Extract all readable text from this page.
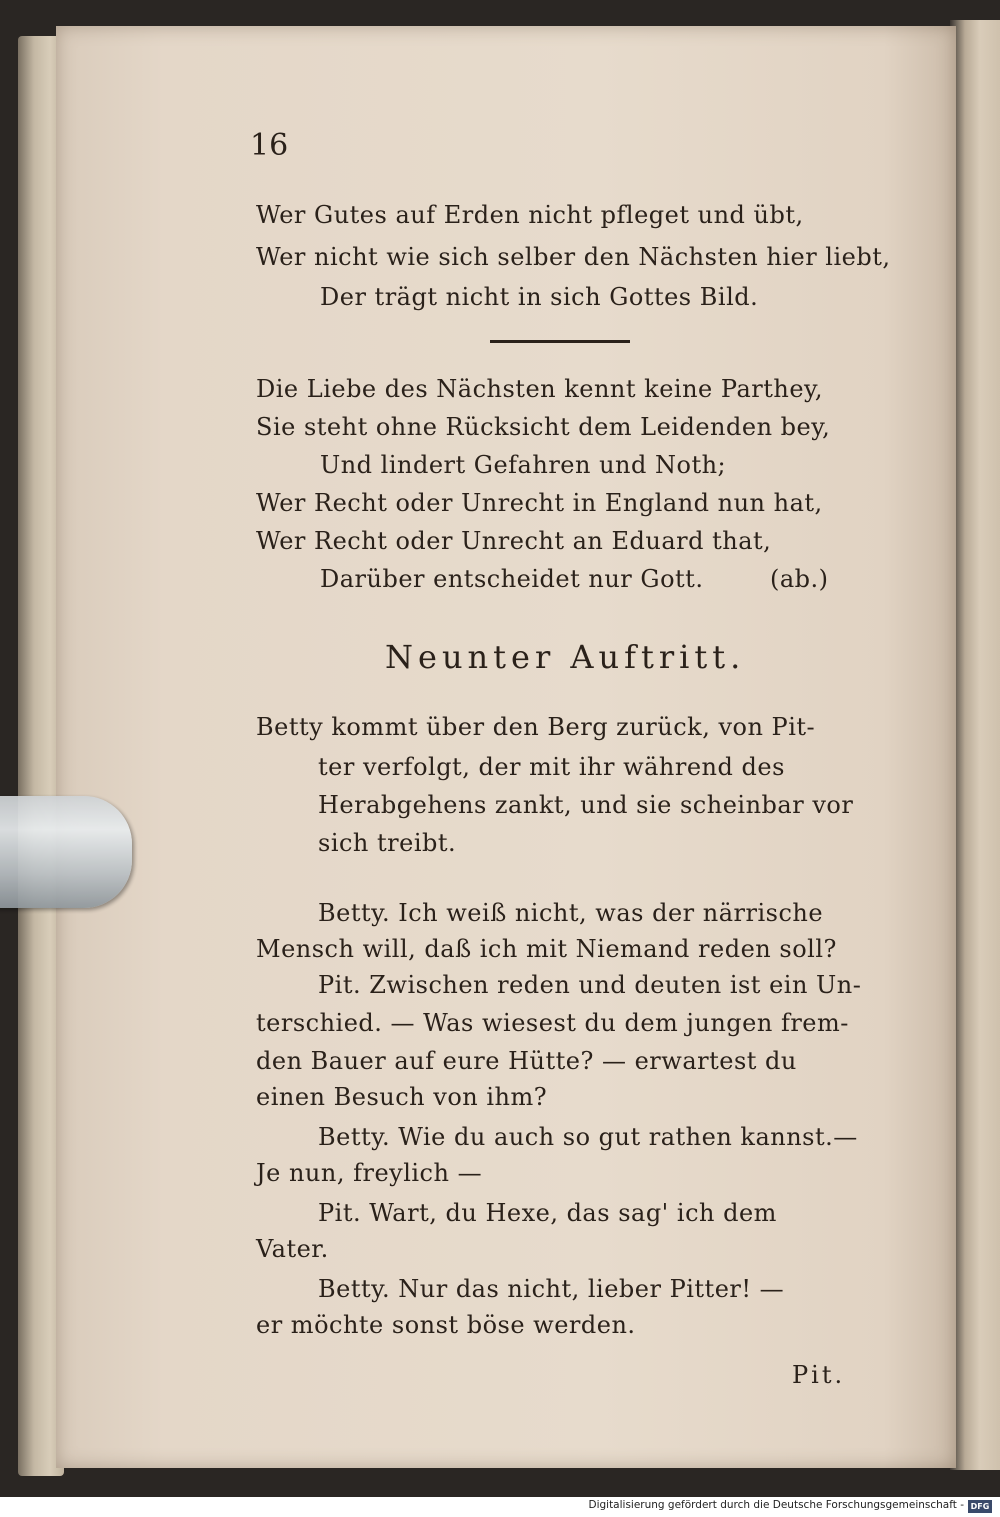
16
Wer Gutes auf Erden nicht pfleget und übt,
Wer nicht wie sich selber den Nächsten hier liebt,
Der trägt nicht in sich Gottes Bild.
Die Liebe des Nächsten kennt keine Parthey,
Sie steht ohne Rücksicht dem Leidenden bey,
Und lindert Gefahren und Noth;
Wer Recht oder Unrecht in England nun hat,
Wer Recht oder Unrecht an Eduard that,
Darüber entscheidet nur Gott.	(ab.)
Neunter Auftritt.
Betty kommt über den Berg zurück, von Pit-
ter verfolgt, der mit ihr während des
Herabgehens zankt, und sie scheinbar vor
sich treibt.
Betty. Ich weiß nicht, was der närrische
Mensch will, daß ich mit Niemand reden soll?
Pit. Zwischen reden und deuten ist ein Un-
terschied. — Was wiesest du dem jungen frem-
den Bauer auf eure Hütte? — erwartest du
einen Besuch von ihm?
Betty. Wie du auch so gut rathen kannst.—
Je nun, freylich —
Pit. Wart, du Hexe, das sag' ich dem
Vater.
Betty. Nur das nicht, lieber Pitter! —
er möchte sonst böse werden.
Pit.
Digitalisierung gefördert durch die Deutsche Forschungsgemeinschaft - DFG
